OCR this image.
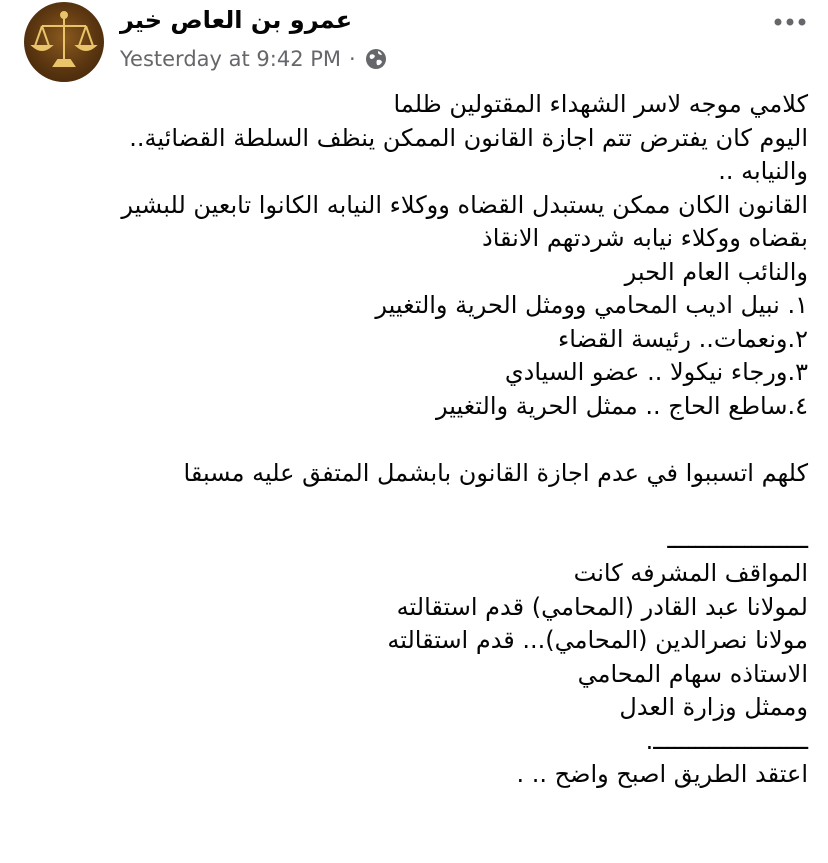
عمرو بن العاص خير
Yesterday at 9:42 PM ·
كلامي موجه لاسر الشهداء المقتولين ظلما
اليوم كان يفترض تتم اجازة القانون الممكن ينظف السلطة القضائية..
والنيابه ..
القانون الكان ممكن يستبدل القضاه ووكلاء النيابه الكانوا تابعين للبشير
بقضاه ووكلاء نيابه شردتهم الانقاذ
والنائب العام الحبر
١. نبيل اديب المحامي وومثل الحرية والتغيير
٢.ونعمات.. رئيسة القضاء
٣.ورجاء نيكولا .. عضو السيادي
٤.ساطع الحاج .. ممثل الحرية والتغيير
كلهم اتسببوا في عدم اجازة القانون بابشمل المتفق عليه مسبقا
ــــــــــــــــــــ
المواقف المشرفه كانت
لمولانا عبد القادر (المحامي) قدم استقالته
مولانا نصرالدين (المحامي)... قدم استقالته
الاستاذه سهام المحامي
وممثل وزارة العدل
ــــــــــــــــــــــ.
اعتقد الطريق اصبح واضح .. .
